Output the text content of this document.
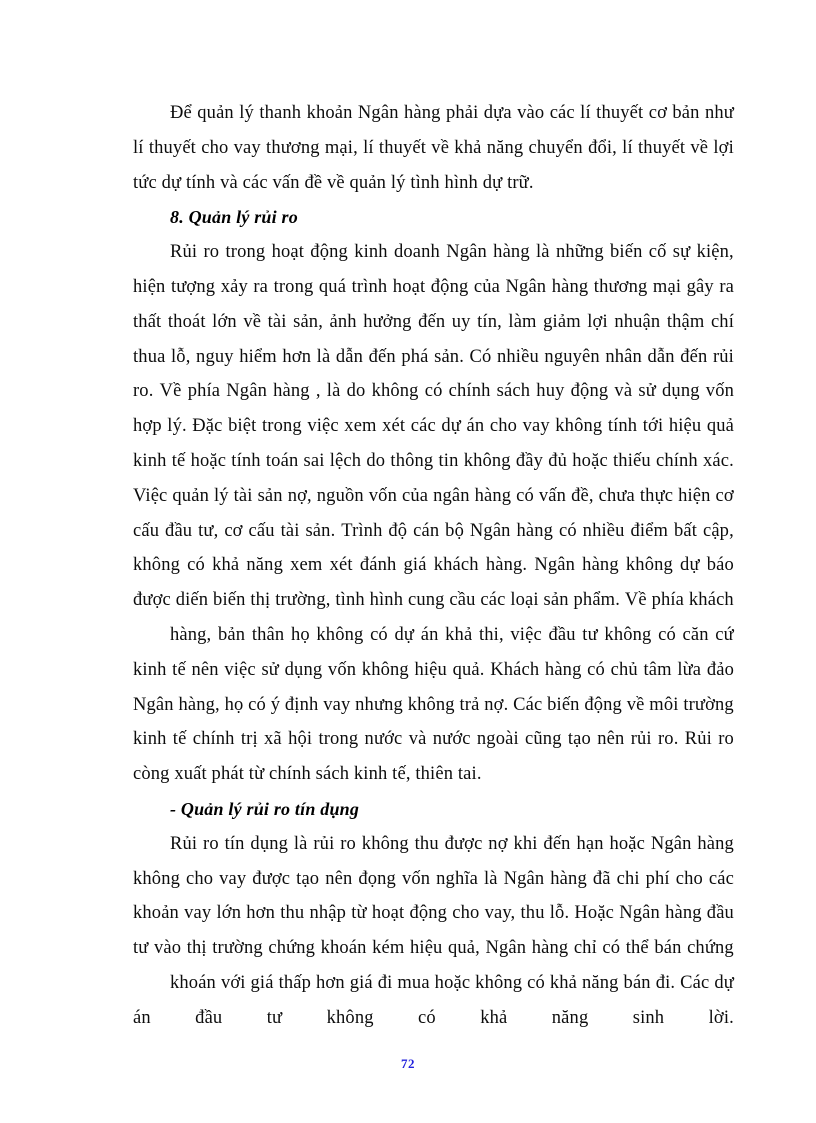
Để quản lý thanh khoản Ngân hàng phải dựa vào các lí thuyết cơ bản như
lí thuyết cho vay thương mại, lí thuyết về khả năng chuyển đổi, lí thuyết về lợi
tức dự tính và các vấn đề về quản lý tình hình dự trữ.
8. Quản lý rủi ro
Rủi ro trong hoạt động kinh doanh Ngân hàng là những biến cố sự kiện,
hiện tượng xảy ra trong quá trình hoạt động của Ngân hàng thương mại gây ra
thất thoát lớn về tài sản, ảnh hưởng đến uy tín, làm giảm lợi nhuận thậm chí
thua lỗ, nguy hiểm hơn là dẫn đến phá sản. Có nhiều nguyên nhân dẫn đến rủi
ro. Về phía Ngân hàng , là do không có chính sách huy động và sử dụng vốn
hợp lý. Đặc biệt trong việc xem xét các dự án cho vay không tính tới hiệu quả
kinh tế hoặc tính toán sai lệch do thông tin không đầy đủ hoặc thiếu chính xác.
Việc quản lý tài sản nợ, nguồn vốn của ngân hàng có vấn đề, chưa thực hiện cơ
cấu đầu tư, cơ cấu tài sản. Trình độ cán bộ Ngân hàng có nhiều điểm bất cập,
không có khả năng xem xét đánh giá khách hàng. Ngân hàng không dự báo
được diến biến thị trường, tình hình cung cầu các loại sản phẩm. Về phía khách
hàng, bản thân họ không có dự án khả thi, việc đầu tư không có căn cứ
kinh tế nên việc sử dụng vốn không hiệu quả. Khách hàng có chủ tâm lừa đảo
Ngân hàng, họ có ý định vay nhưng không trả nợ. Các biến động về môi trường
kinh tế chính trị xã hội trong nước và nước ngoài cũng tạo nên rủi ro. Rủi ro
còng xuất phát từ chính sách kinh tế, thiên tai.
- Quản lý rủi ro tín dụng
Rủi ro tín dụng là rủi ro không thu được nợ khi đến hạn hoặc Ngân hàng
không cho vay được tạo nên đọng vốn nghĩa là Ngân hàng đã chi phí cho các
khoản vay lớn hơn thu nhập từ hoạt động cho vay, thu lỗ. Hoặc Ngân hàng đầu
tư vào thị trường chứng khoán kém hiệu quả, Ngân hàng chỉ có thể bán chứng
khoán với giá thấp hơn giá đi mua hoặc không có khả năng bán đi. Các dự
án đầu tư không có khả năng sinh lời.
72
